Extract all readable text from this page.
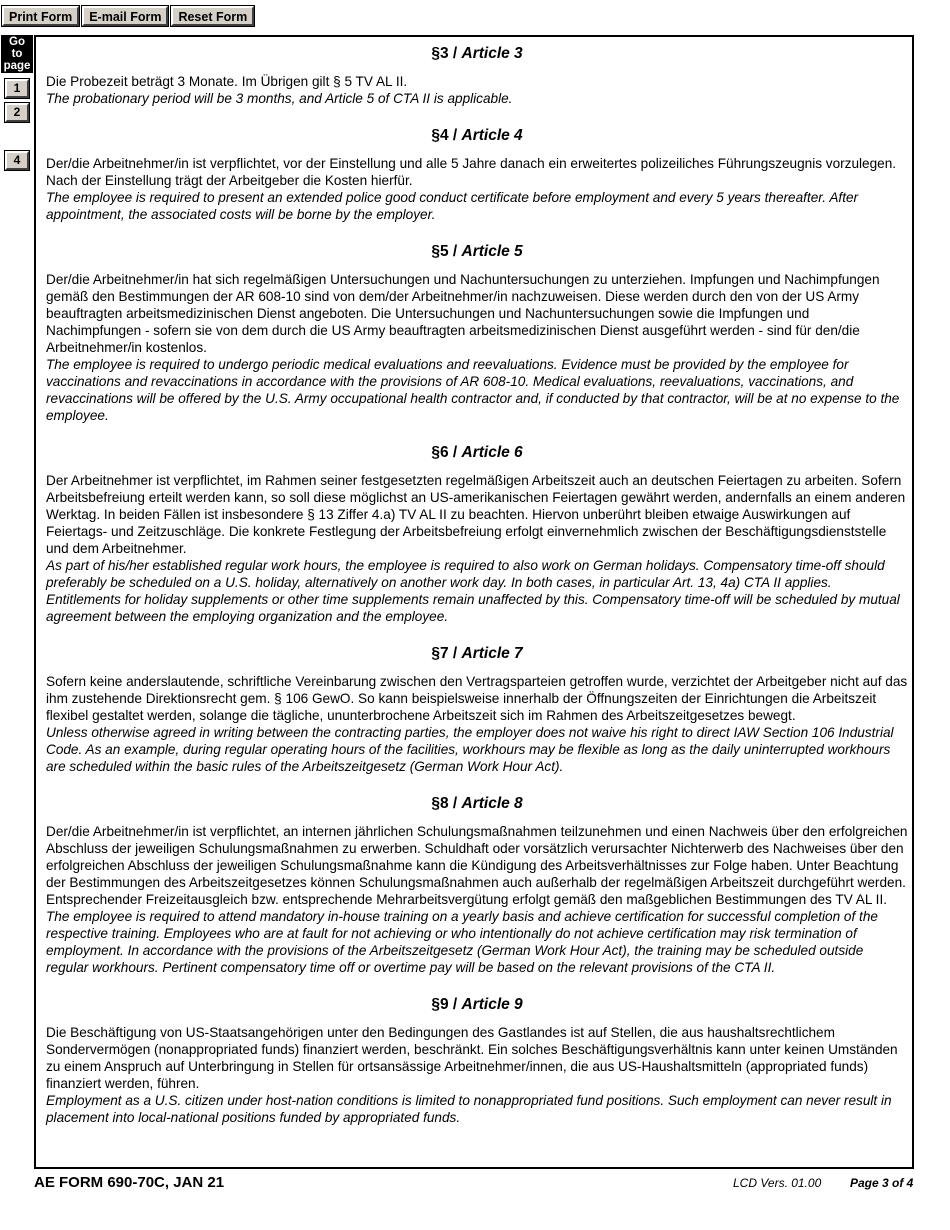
Print Form	E-mail Form	Reset Form
Go
to
page
1
2
4
§3 / Article 3

Die Probezeit beträgt 3 Monate. Im Übrigen gilt § 5 TV AL II.

The probationary period will be 3 months, and Article 5 of CTA II is applicable.

§4 / Article 4

Der/die Arbeitnehmer/in ist verpflichtet, vor der Einstellung und alle 5 Jahre danach ein erweitertes polizeiliches Führungszeugnis vorzulegen. Nach der Einstellung trägt der Arbeitgeber die Kosten hierfür.

The employee is required to present an extended police good conduct certificate before employment and every 5 years thereafter. After appointment, the associated costs will be borne by the employer.

§5 / Article 5

Der/die Arbeitnehmer/in hat sich regelmäßigen Untersuchungen und Nachuntersuchungen zu unterziehen. Impfungen und Nachimpfungen gemäß den Bestimmungen der AR 608-10 sind von dem/der Arbeitnehmer/in nachzuweisen. Diese werden durch den von der US Army beauftragten arbeitsmedizinischen Dienst angeboten. Die Untersuchungen und Nachuntersuchungen sowie die Impfungen und Nachimpfungen - sofern sie von dem durch die US Army beauftragten arbeitsmedizinischen Dienst ausgeführt werden - sind für den/die Arbeitnehmer/in kostenlos.

The employee is required to undergo periodic medical evaluations and reevaluations. Evidence must be provided by the employee for vaccinations and revaccinations in accordance with the provisions of AR 608-10. Medical evaluations, reevaluations, vaccinations, and revaccinations will be offered by the U.S. Army occupational health contractor and, if conducted by that contractor, will be at no expense to the employee.

§6 / Article 6

Der Arbeitnehmer ist verpflichtet, im Rahmen seiner festgesetzten regelmäßigen Arbeitszeit auch an deutschen Feiertagen zu arbeiten. Sofern Arbeitsbefreiung erteilt werden kann, so soll diese möglichst an US-amerikanischen Feiertagen gewährt werden, andernfalls an einem anderen Werktag. In beiden Fällen ist insbesondere § 13 Ziffer 4.a) TV AL II zu beachten. Hiervon unberührt bleiben etwaige Auswirkungen auf Feiertags- und Zeitzuschläge. Die konkrete Festlegung der Arbeitsbefreiung erfolgt einvernehmlich zwischen der Beschäftigungsdienststelle und dem Arbeitnehmer.

As part of his/her established regular work hours, the employee is required to also work on German holidays. Compensatory time-off should preferably be scheduled on a U.S. holiday, alternatively on another work day. In both cases, in particular Art. 13, 4a) CTA II applies. Entitlements for holiday supplements or other time supplements remain unaffected by this. Compensatory time-off will be scheduled by mutual agreement between the employing organization and the employee.

§7 / Article 7

Sofern keine anderslautende, schriftliche Vereinbarung zwischen den Vertragsparteien getroffen wurde, verzichtet der Arbeitgeber nicht auf das ihm zustehende Direktionsrecht gem. § 106 GewO. So kann beispielsweise innerhalb der Öffnungszeiten der Einrichtungen die Arbeitszeit flexibel gestaltet werden, solange die tägliche, ununterbrochene Arbeitszeit sich im Rahmen des Arbeitszeitgesetzes bewegt.

Unless otherwise agreed in writing between the contracting parties, the employer does not waive his right to direct IAW Section 106 Industrial Code. As an example, during regular operating hours of the facilities, workhours may be flexible as long as the daily uninterrupted workhours are scheduled within the basic rules of the Arbeitszeitgesetz (German Work Hour Act).

§8 / Article 8

Der/die Arbeitnehmer/in ist verpflichtet, an internen jährlichen Schulungsmaßnahmen teilzunehmen und einen Nachweis über den erfolgreichen Abschluss der jeweiligen Schulungsmaßnahmen zu erwerben. Schuldhaft oder vorsätzlich verursachter Nichterwerb des Nachweises über den erfolgreichen Abschluss der jeweiligen Schulungsmaßnahme kann die Kündigung des Arbeitsverhältnisses zur Folge haben. Unter Beachtung der Bestimmungen des Arbeitszeitgesetzes können Schulungsmaßnahmen auch außerhalb der regelmäßigen Arbeitszeit durchgeführt werden. Entsprechender Freizeitausgleich bzw. entsprechende Mehrarbeitsvergütung erfolgt gemäß den maßgeblichen Bestimmungen des TV AL II.

The employee is required to attend mandatory in-house training on a yearly basis and achieve certification for successful completion of the respective training. Employees who are at fault for not achieving or who intentionally do not achieve certification may risk termination of employment. In accordance with the provisions of the Arbeitszeitgesetz (German Work Hour Act), the training may be scheduled outside regular workhours. Pertinent compensatory time off or overtime pay will be based on the relevant provisions of the CTA II.

§9 / Article 9

Die Beschäftigung von US-Staatsangehörigen unter den Bedingungen des Gastlandes ist auf Stellen, die aus haushaltsrechtlichem Sondervermögen (nonappropriated funds) finanziert werden, beschränkt. Ein solches Beschäftigungsverhältnis kann unter keinen Umständen zu einem Anspruch auf Unterbringung in Stellen für ortsansässige Arbeitnehmer/innen, die aus US-Haushaltsmitteln (appropriated funds) finanziert werden, führen.

Employment as a U.S. citizen under host-nation conditions is limited to nonappropriated fund positions. Such employment can never result in placement into local-national positions funded by appropriated funds.

AE FORM 690-70C, JAN 21	LCD Vers. 01.00 Page 3 of 4
